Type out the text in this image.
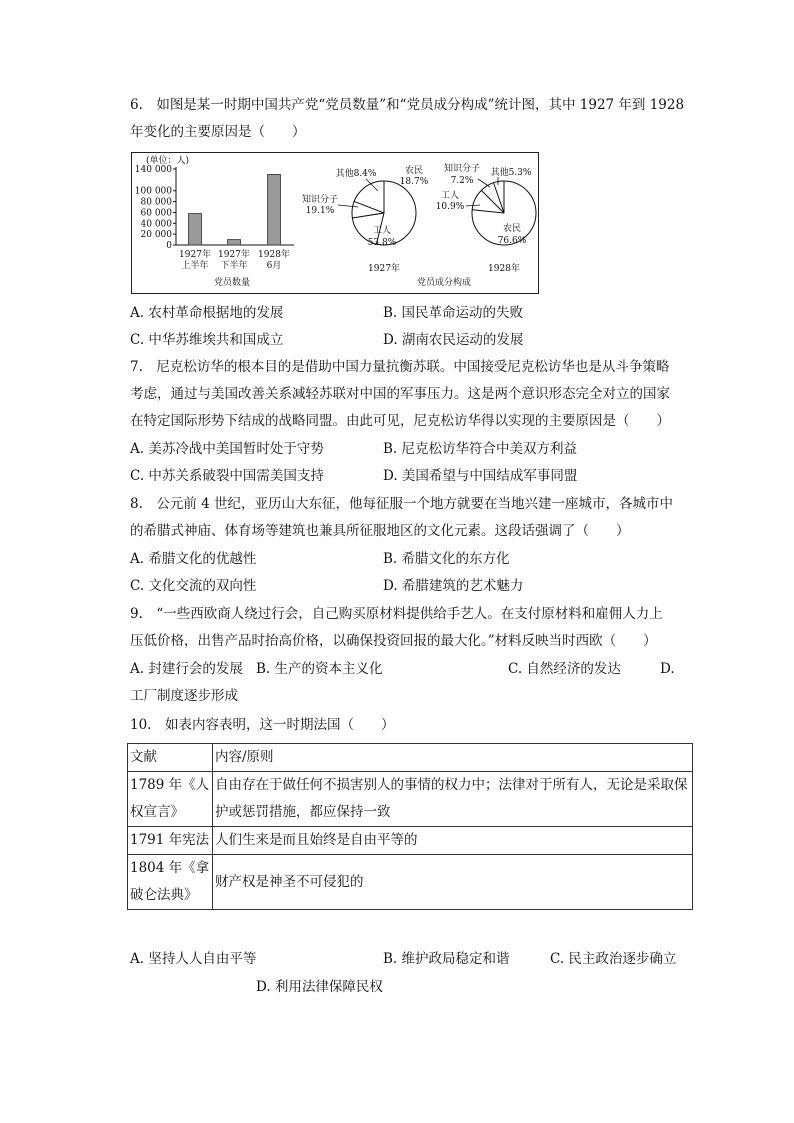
6.　如图是某一时期中国共产党“党员数量”和“党员成分构成”统计图，其中 1927 年到 1928
年变化的主要原因是（　　）
(单位：人)
0
20 000
40 000
60 000
80 000
100 000
140 000
1927年
上半年
1927年
下半年
1928年
6月
党员数量
1927年
工人
53.8%
农民
18.7%
其他8.4%
知识分子
19.1%
1928年
农民
76.6%
工人
10.9%
知识分子
7.2%
其他5.3%
党员成分构成
A. 农村革命根据地的发展	B. 国民革命运动的失败
C. 中华苏维埃共和国成立	D. 湖南农民运动的发展
7.　尼克松访华的根本目的是借助中国力量抗衡苏联。中国接受尼克松访华也是从斗争策略
考虑，通过与美国改善关系减轻苏联对中国的军事压力。这是两个意识形态完全对立的国家
在特定国际形势下结成的战略同盟。由此可见，尼克松访华得以实现的主要原因是（　　）
A. 美苏冷战中美国暂时处于守势	B. 尼克松访华符合中美双方利益
C. 中苏关系破裂中国需美国支持	D. 美国希望与中国结成军事同盟
8.　公元前 4 世纪，亚历山大东征，他每征服一个地方就要在当地兴建一座城市，各城市中
的希腊式神庙、体育场等建筑也兼具所征服地区的文化元素。这段话强调了（　　）
A. 希腊文化的优越性	B. 希腊文化的东方化
C. 文化交流的双向性	D. 希腊建筑的艺术魅力
9.　“一些西欧商人绕过行会，自己购买原材料提供给手艺人。在支付原材料和雇佣人力上
压低价格，出售产品时抬高价格，以确保投资回报的最大化。”材料反映当时西欧（　　）
A. 封建行会的发展 B. 生产的资本主义化	C. 自然经济的发达	D.
工厂制度逐步形成
10.　如表内容表明，这一时期法国（　　）
文献	内容/原则
1789 年《人权宣言》	自由存在于做任何不损害别人的事情的权力中；法律对于所有人，无论是采取保护或惩罚措施，都应保持一致
1791 年宪法	人们生来是而且始终是自由平等的
1804 年《拿破仑法典》	财产权是神圣不可侵犯的
A. 坚持人人自由平等	B. 维护政局稳定和谐	C. 民主政治逐步确立
D. 利用法律保障民权
